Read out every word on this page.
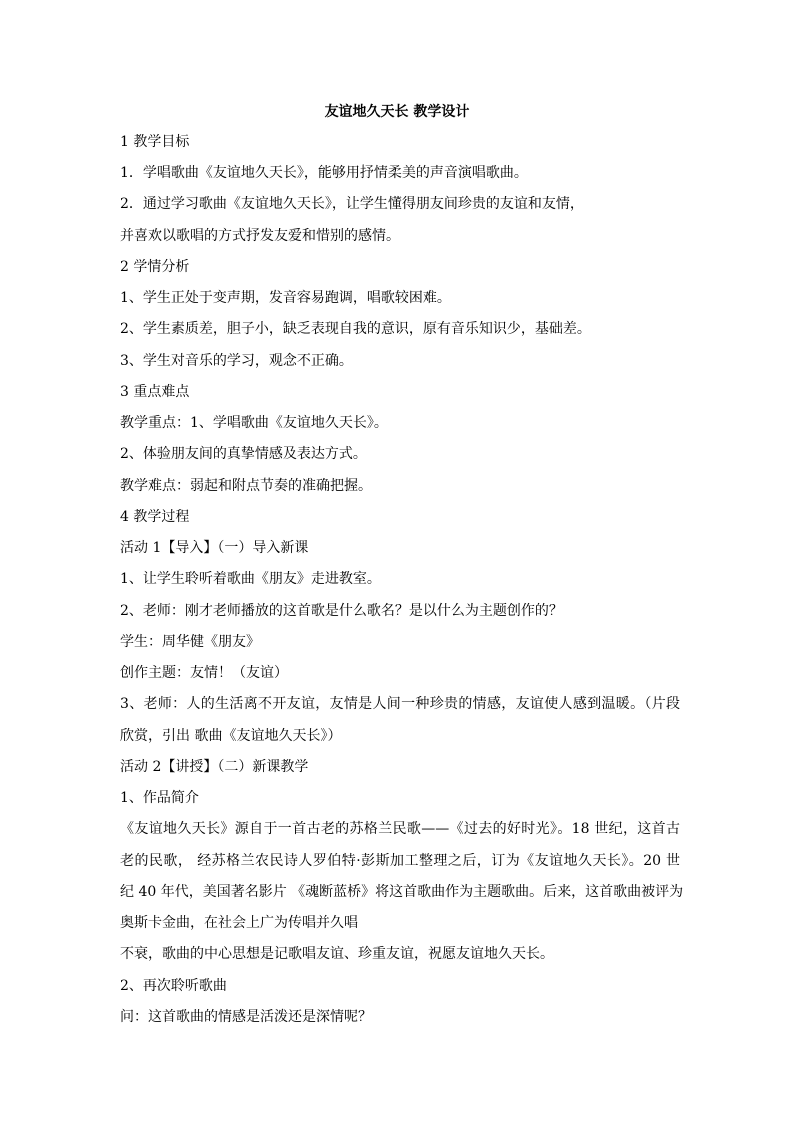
友谊地久天长 教学设计
1 教学目标
1．学唱歌曲《友谊地久天长》，能够用抒情柔美的声音演唱歌曲。
2．通过学习歌曲《友谊地久天长》，让学生懂得朋友间珍贵的友谊和友情，
并喜欢以歌唱的方式抒发友爱和惜别的感情。
2 学情分析
1、学生正处于变声期，发音容易跑调，唱歌较困难。
2、学生素质差，胆子小，缺乏表现自我的意识，原有音乐知识少，基础差。
3、学生对音乐的学习，观念不正确。
3 重点难点
教学重点：1、学唱歌曲《友谊地久天长》。
2、体验朋友间的真挚情感及表达方式。
教学难点：弱起和附点节奏的准确把握。
4 教学过程
活动 1【导入】（一）导入新课
1、让学生聆听着歌曲《朋友》走进教室。
2、老师：刚才老师播放的这首歌是什么歌名？是以什么为主题创作的？
学生：周华健《朋友》
创作主题：友情！（友谊）
3、老师：人的生活离不开友谊，友情是人间一种珍贵的情感，友谊使人感到温暖。（片段
欣赏，引出 歌曲《友谊地久天长》）
活动 2【讲授】（二）新课教学
1、作品简介
《友谊地久天长》源自于一首古老的苏格兰民歌——《过去的好时光》。18 世纪，这首古
老的民歌， 经苏格兰农民诗人罗伯特·彭斯加工整理之后，订为《友谊地久天长》。20 世
纪 40 年代，美国著名影片 《魂断蓝桥》将这首歌曲作为主题歌曲。后来，这首歌曲被评为
奥斯卡金曲，在社会上广为传唱并久唱
不衰，歌曲的中心思想是记歌唱友谊、珍重友谊，祝愿友谊地久天长。
2、再次聆听歌曲
问：这首歌曲的情感是活泼还是深情呢？
